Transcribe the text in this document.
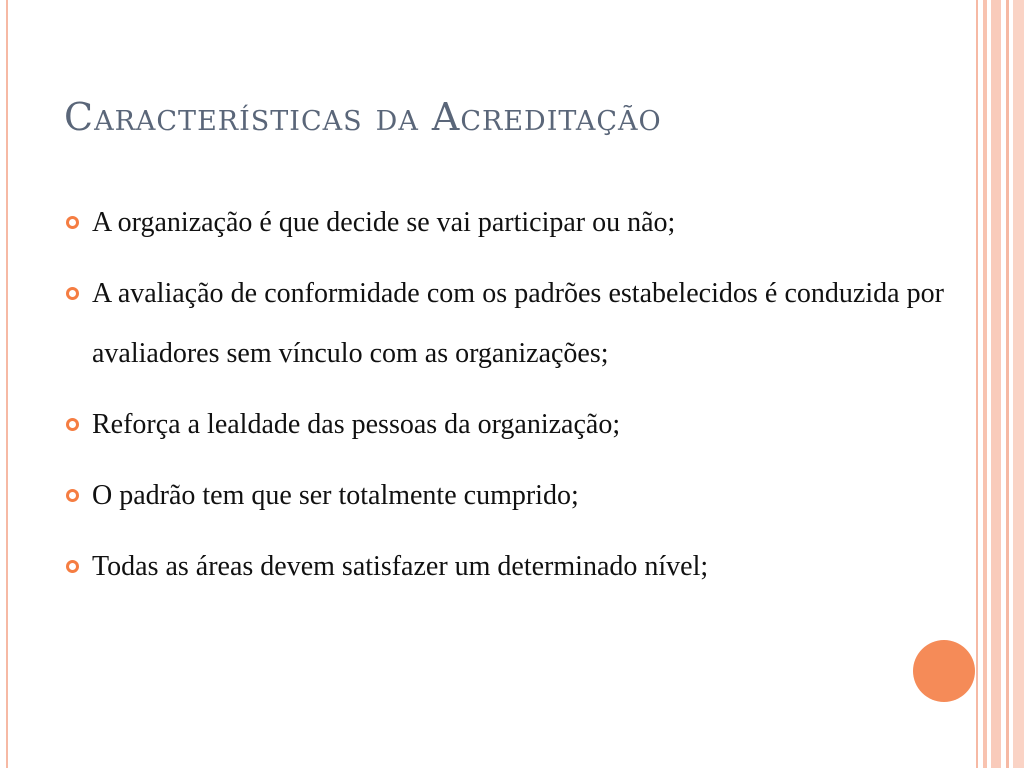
Características da Acreditação
A organização é que decide se vai participar ou não;
A avaliação de conformidade com os padrões estabelecidos é conduzida por avaliadores sem vínculo com as organizações;
Reforça a lealdade das pessoas da organização;
O padrão tem que ser totalmente cumprido;
Todas as áreas devem satisfazer um determinado nível;
